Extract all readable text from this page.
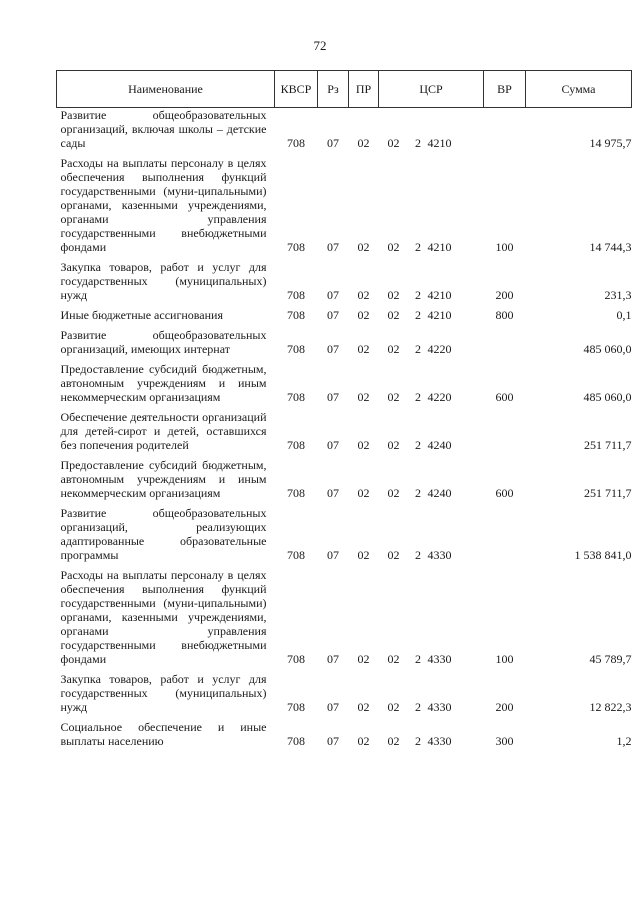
72
Наименование	КВСР	Рз	ПР	ЦСР			ВР	Сумма
Развитие общеобразовательных организаций, включая школы – детские сады	708	07	02	02	2	4210		14 975,7
Расходы на выплаты персоналу в целях обеспечения выполнения функций государственными (муни-ципальными) органами, казенными учреждениями, органами управления государственными внебюджетными фондами	708	07	02	02	2	4210	100	14 744,3
Закупка товаров, работ и услуг для государственных (муниципальных) нужд	708	07	02	02	2	4210	200	231,3
Иные бюджетные ассигнования	708	07	02	02	2	4210	800	0,1
Развитие общеобразовательных организаций, имеющих интернат	708	07	02	02	2	4220		485 060,0
Предоставление субсидий бюджетным, автономным учреждениям и иным некоммерческим организациям	708	07	02	02	2	4220	600	485 060,0
Обеспечение деятельности организаций для детей-сирот и детей, оставшихся без попечения родителей	708	07	02	02	2	4240		251 711,7
Предоставление субсидий бюджетным, автономным учреждениям и иным некоммерческим организациям	708	07	02	02	2	4240	600	251 711,7
Развитие общеобразовательных организаций, реализующих адаптированные образовательные программы	708	07	02	02	2	4330		1 538 841,0
Расходы на выплаты персоналу в целях обеспечения выполнения функций государственными (муни-ципальными) органами, казенными учреждениями, органами управления государственными внебюджетными фондами	708	07	02	02	2	4330	100	45 789,7
Закупка товаров, работ и услуг для государственных (муниципальных) нужд	708	07	02	02	2	4330	200	12 822,3
Социальное обеспечение и иные выплаты населению	708	07	02	02	2	4330	300	1,2
